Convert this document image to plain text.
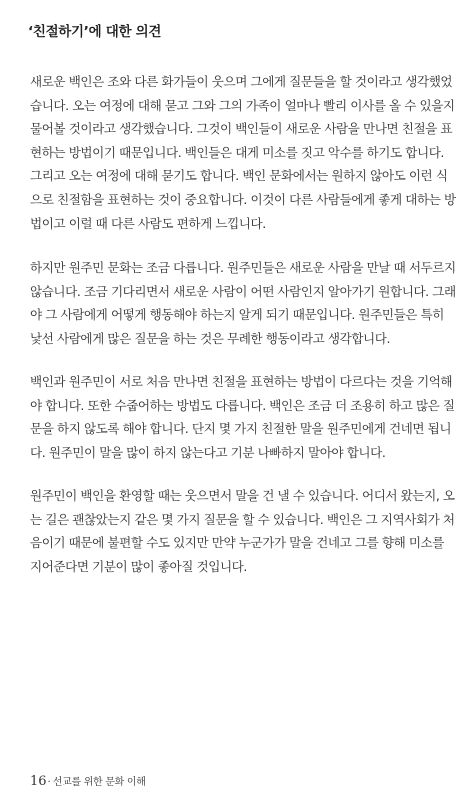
‘친절하기’에 대한 의견
새로운 백인은 조와 다른 화가들이 웃으며 그에게 질문들을 할 것이라고 생각했었
습니다. 오는 여정에 대해 묻고 그와 그의 가족이 얼마나 빨리 이사를 올 수 있을지
물어볼 것이라고 생각했습니다. 그것이 백인들이 새로운 사람을 만나면 친절을 표
현하는 방법이기 때문입니다. 백인들은 대게 미소를 짓고 악수를 하기도 합니다.
그리고 오는 여정에 대해 묻기도 합니다. 백인 문화에서는 원하지 않아도 이런 식
으로 친절함을 표현하는 것이 중요합니다. 이것이 다른 사람들에게 좋게 대하는 방
법이고 이럴 때 다른 사람도 편하게 느낍니다.
하지만 원주민 문화는 조금 다릅니다. 원주민들은 새로운 사람을 만날 때 서두르지
않습니다. 조금 기다리면서 새로운 사람이 어떤 사람인지 알아가기 원합니다. 그래
야 그 사람에게 어떻게 행동해야 하는지 알게 되기 때문입니다. 원주민들은 특히
낯선 사람에게 많은 질문을 하는 것은 무례한 행동이라고 생각합니다.
백인과 원주민이 서로 처음 만나면 친절을 표현하는 방법이 다르다는 것을 기억해
야 합니다. 또한 수줍어하는 방법도 다릅니다. 백인은 조금 더 조용히 하고 많은 질
문을 하지 않도록 해야 합니다. 단지 몇 가지 친절한 말을 원주민에게 건네면 됩니
다. 원주민이 말을 많이 하지 않는다고 기분 나빠하지 말아야 합니다.
원주민이 백인을 환영할 때는 웃으면서 말을 건 낼 수 있습니다. 어디서 왔는지, 오
는 길은 괜찮았는지 같은 몇 가지 질문을 할 수 있습니다. 백인은 그 지역사회가 처
음이기 때문에 불편할 수도 있지만 만약 누군가가 말을 건네고 그를 향해 미소를
지어준다면 기분이 많이 좋아질 것입니다.
16· 선교를 위한 문화 이해
